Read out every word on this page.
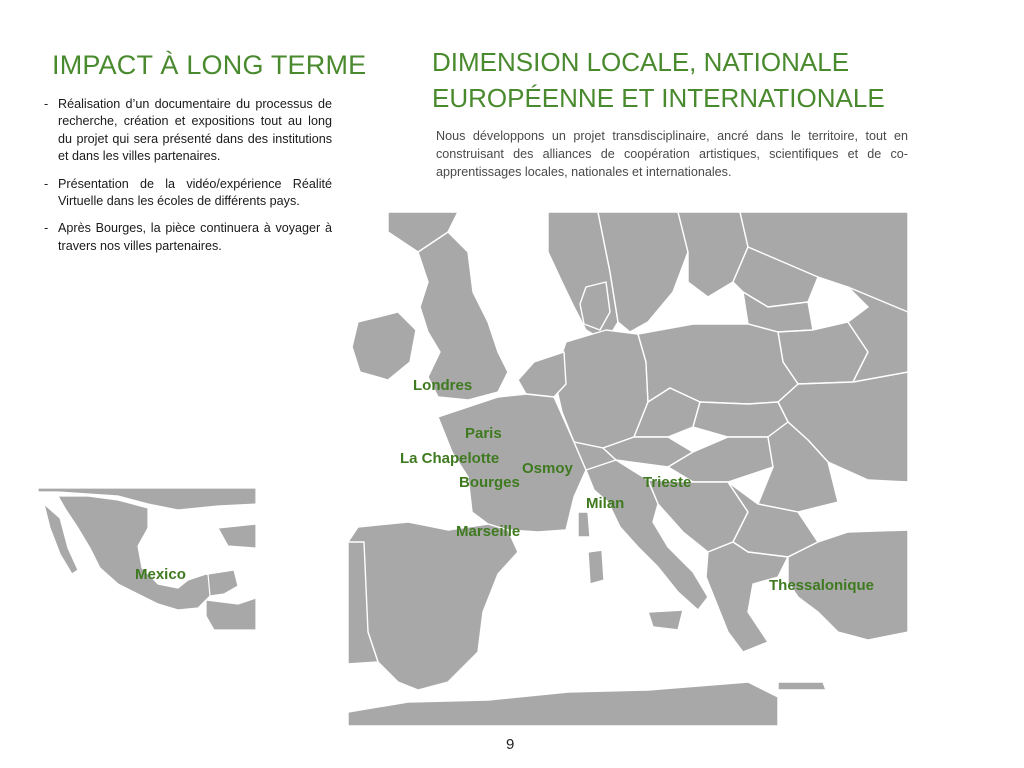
IMPACT À LONG TERME	DIMENSION LOCALE, NATIONALE
EUROPÉENNE ET INTERNATIONALE
- Réalisation d’un documentaire du processus de recherche, création et expositions tout au long du projet qui sera présenté dans des institutions et dans les villes partenaires.
- Présentation de la vidéo/expérience Réalité Virtuelle dans les écoles de différents pays.
- Après Bourges, la pièce continuera à voyager à travers nos villes partenaires.

Nous développons un projet transdisciplinaire, ancré dans le territoire, tout en construisant des alliances de coopération artistiques, scientifiques et de co-apprentissages locales, nationales et internationales.

Londres
Paris
La Chapelotte
Osmoy
Bourges	Trieste
Milan
Marseille
Thessalonique
Mexico
9
